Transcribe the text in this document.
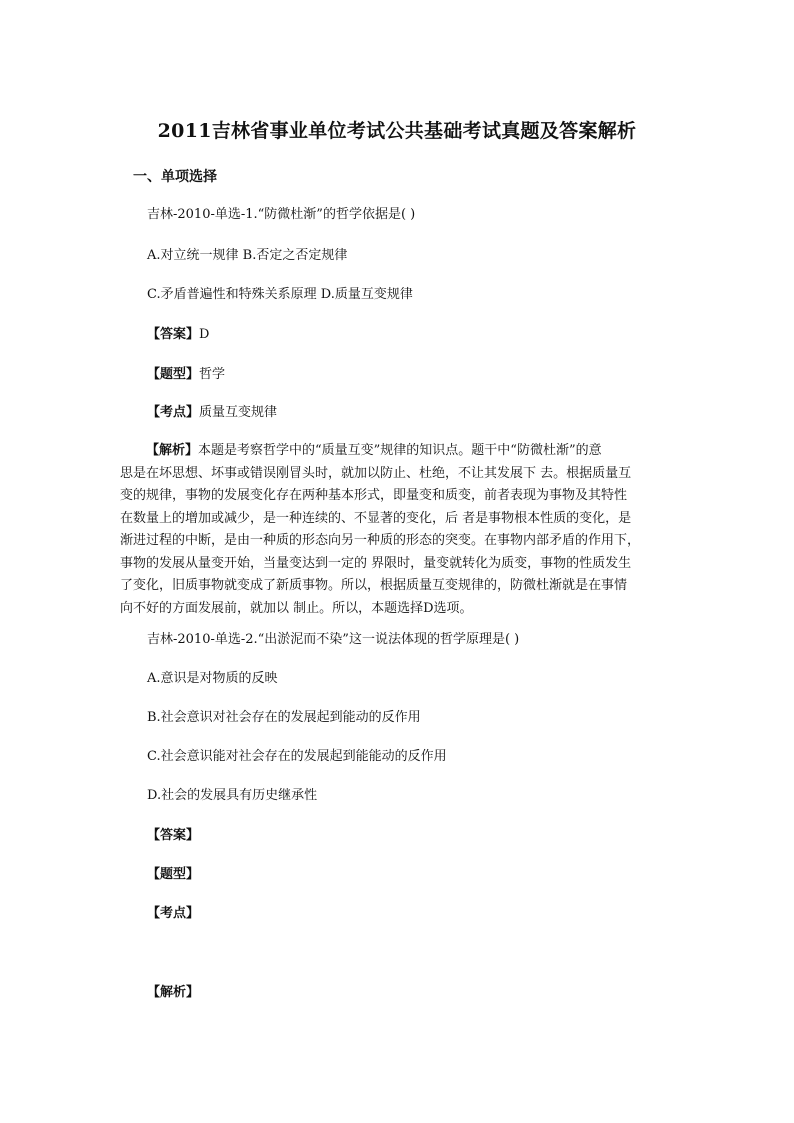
2011吉林省事业单位考试公共基础考试真题及答案解析
一、单项选择
吉林-2010-单选-1.“防微杜渐”的哲学依据是( )
A.对立统一规律 B.否定之否定规律
C.矛盾普遍性和特殊关系原理 D.质量互变规律
【答案】D
【题型】哲学
【考点】质量互变规律
【解析】本题是考察哲学中的“质量互变”规律的知识点。题干中“防微杜渐”的意
思是在坏思想、坏事或错误刚冒头时，就加以防止、杜绝，不让其发展下 去。根据质量互
变的规律，事物的发展变化存在两种基本形式，即量变和质变，前者表现为事物及其特性
在数量上的增加或减少，是一种连续的、不显著的变化，后 者是事物根本性质的变化，是
渐进过程的中断，是由一种质的形态向另一种质的形态的突变。在事物内部矛盾的作用下，
事物的发展从量变开始，当量变达到一定的 界限时，量变就转化为质变，事物的性质发生
了变化，旧质事物就变成了新质事物。所以，根据质量互变规律的，防微杜渐就是在事情
向不好的方面发展前，就加以 制止。所以，本题选择D选项。
吉林-2010-单选-2.“出淤泥而不染”这一说法体现的哲学原理是( )
A.意识是对物质的反映
B.社会意识对社会存在的发展起到能动的反作用
C.社会意识能对社会存在的发展起到能能动的反作用
D.社会的发展具有历史继承性
【答案】
【题型】
【考点】
【解析】
